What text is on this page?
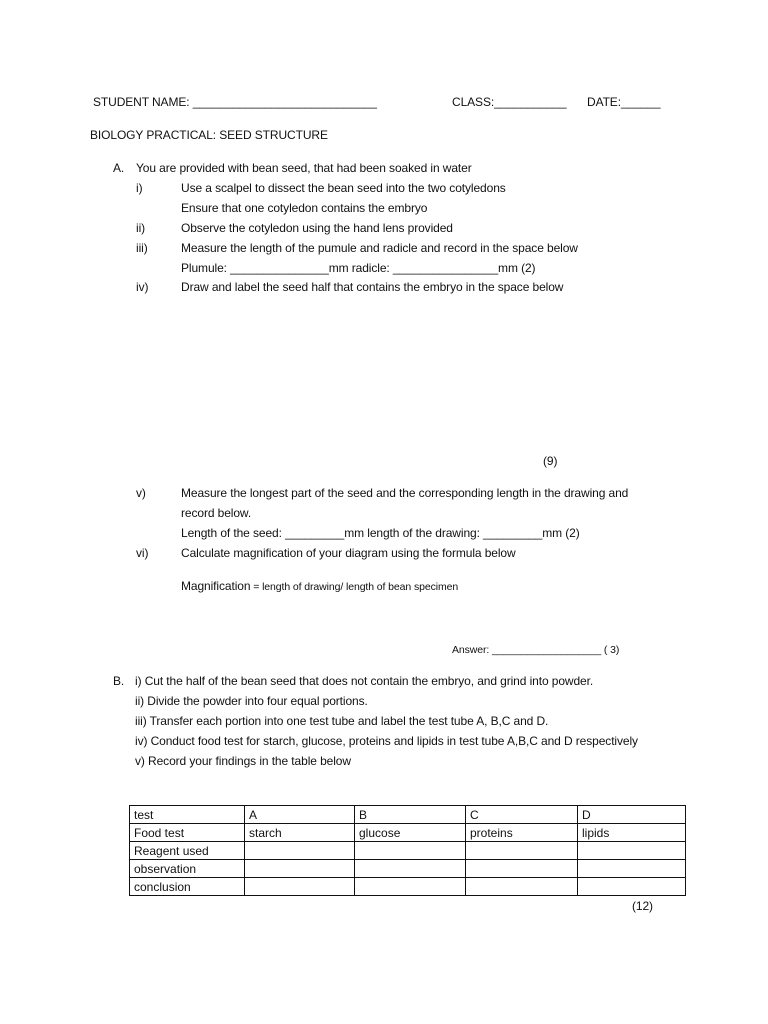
STUDENT NAME: ____________________________	CLASS:___________ DATE:______
BIOLOGY PRACTICAL: SEED STRUCTURE
A. You are provided with bean seed, that had been soaked in water
i)	Use a scalpel to dissect the bean seed into the two cotyledons
Ensure that one cotyledon contains the embryo
ii)	Observe the cotyledon using the hand lens provided
iii)	Measure the length of the pumule and radicle and record in the space below
Plumule: _______________mm radicle: ________________mm (2)
iv)	Draw and label the seed half that contains the embryo in the space below
(9)
v)	Measure the longest part of the seed and the corresponding length in the drawing and
record below.
Length of the seed: _________mm length of the drawing: _________mm (2)
vi)	Calculate magnification of your diagram using the formula below
Magnification = length of drawing/ length of bean specimen
Answer: ___________________ ( 3)
B. i) Cut the half of the bean seed that does not contain the embryo, and grind into powder.
ii) Divide the powder into four equal portions.
iii) Transfer each portion into one test tube and label the test tube A, B,C and D.
iv) Conduct food test for starch, glucose, proteins and lipids in test tube A,B,C and D respectively
v) Record your findings in the table below
test	A	B	C	D
Food test	starch	glucose	proteins	lipids
Reagent used				
observation				
conclusion				
(12)
